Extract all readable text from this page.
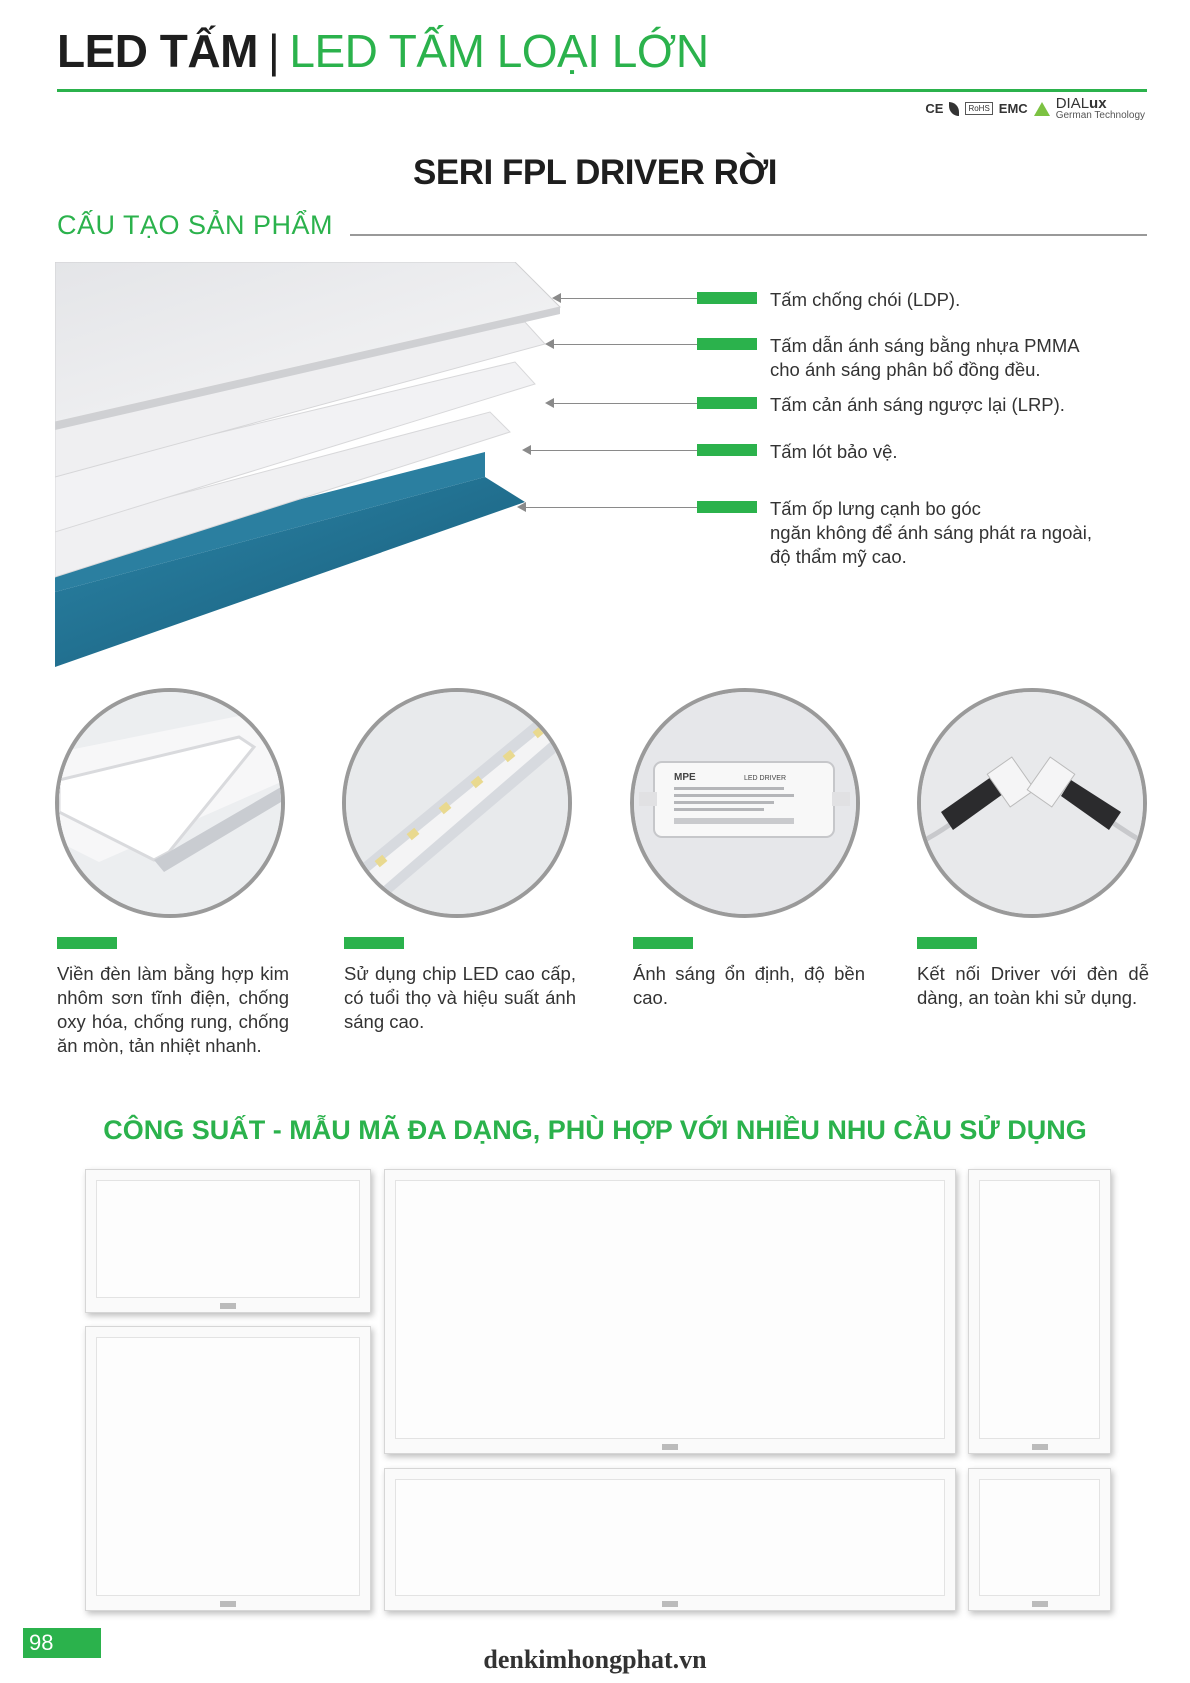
LED TẤM | LED TẤM LOẠI LỚN
CE	RoHS EMC DIALux
German Technology
SERI FPL DRIVER RỜI
CẤU TẠO SẢN PHẨM
Tấm chống chói (LDP).
Tấm dẫn ánh sáng bằng nhựa PMMA
cho ánh sáng phân bổ đồng đều.
Tấm cản ánh sáng ngược lại (LRP).
Tấm lót bảo vệ.
Tấm ốp lưng cạnh bo góc
ngăn không để ánh sáng phát ra ngoài,
độ thẩm mỹ cao.
MPE	LED DRIVER
Viền đèn làm bằng hợp kim nhôm sơn tĩnh điện, chống oxy hóa, chống rung, chống ăn mòn, tản nhiệt nhanh.
Sử dụng chip LED cao cấp, có tuổi thọ và hiệu suất ánh sáng cao.
Ánh sáng ổn định, độ bền cao.
Kết nối Driver với đèn dễ dàng, an toàn khi sử dụng.
CÔNG SUẤT - MẪU MÃ ĐA DẠNG, PHÙ HỢP VỚI NHIỀU NHU CẦU SỬ DỤNG
98
denkimhongphat.vn
